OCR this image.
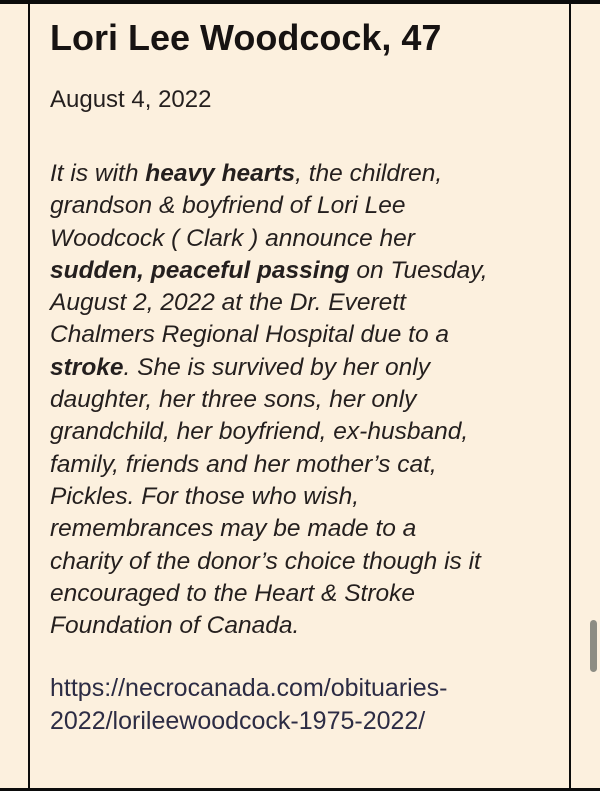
Lori Lee Woodcock, 47
August 4, 2022
It is with heavy hearts, the children,
grandson & boyfriend of Lori Lee
Woodcock ( Clark ) announce her
sudden, peaceful passing on Tuesday,
August 2, 2022 at the Dr. Everett
Chalmers Regional Hospital due to a
stroke. She is survived by her only
daughter, her three sons, her only
grandchild, her boyfriend, ex-husband,
family, friends and her mother’s cat,
Pickles. For those who wish,
remembrances may be made to a
charity of the donor’s choice though is it
encouraged to the Heart & Stroke
Foundation of Canada.
https://necrocanada.com/obituaries-
2022/lorileewoodcock-1975-2022/
